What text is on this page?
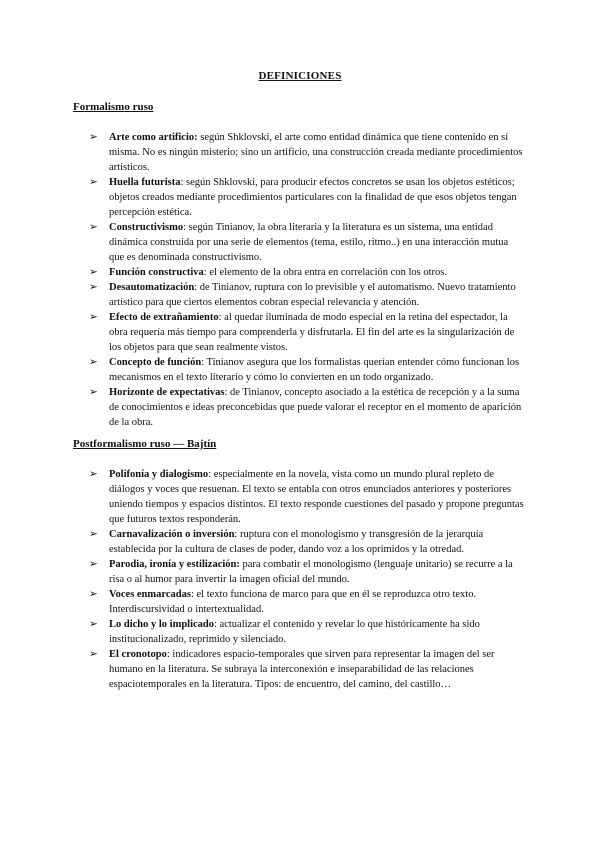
DEFINICIONES
Formalismo ruso
➢ Arte como artificio: según Shklovski, el arte como entidad dinámica que tiene contenido en sí misma. No es ningún misterio; sino un artificio, una construcción creada mediante procedimientos artísticos.
➢ Huella futurista: según Shklovski, para producir efectos concretos se usan los objetos estéticos; objetos creados mediante procedimientos particulares con la finalidad de que esos objetos tengan percepción estética.
➢ Constructivismo: según Tinianov, la obra literaria y la literatura es un sistema, una entidad dinámica construida por una serie de elementos (tema, estilo, ritmo..) en una interacción mutua que es denominada constructivismo.
➢ Función constructiva: el elemento de la obra entra en correlación con los otros.
➢ Desautomatización: de Tinianov, ruptura con lo previsible y el automatismo. Nuevo tratamiento artístico para que ciertos elementos cobran especial relevancia y atención.
➢ Efecto de extrañamiento: al quedar iluminada de modo especial en la retina del espectador, la obra requería más tiempo para comprenderla y disfrutarla. El fin del arte es la singularización de los objetos para que sean realmente vistos.
➢ Concepto de función: Tinianov asegura que los formalistas querían entender cómo funcionan los mecanismos en el texto literario y cómo lo convierten en un todo organizado.
➢ Horizonte de expectativas: de Tinianov, concepto asociado a la estética de recepción y a la suma de conocimientos e ideas preconcebidas que puede valorar el receptor en el momento de aparición de la obra.
Postformalismo ruso — Bajtín
➢ Polifonía y dialogismo: especialmente en la novela, vista como un mundo plural repleto de diálogos y voces que resuenan. El texto se entabla con otros enunciados anteriores y posteriores uniendo tiempos y espacios distintos. El texto responde cuestiones del pasado y propone preguntas que futuros textos responderán.
➢ Carnavalización o inversión: ruptura con el monologismo y transgresión de la jerarquía establecida por la cultura de clases de poder, dando voz a los oprimidos y la otredad.
➢ Parodia, ironía y estilización: para combatir el monologismo (lenguaje unitario) se recurre a la risa o al humor para invertir la imagen oficial del mundo.
➢ Voces enmarcadas: el texto funciona de marco para que en él se reproduzca otro texto. Interdiscursividad o intertextualidad.
➢ Lo dicho y lo implicado: actualizar el contenido y revelar lo que históricamente ha sido institucionalizado, reprimido y silenciado.
➢ El cronotopo: indicadores espacio-temporales que sirven para representar la imagen del ser humano en la literatura. Se subraya la interconexión e inseparabilidad de las relaciones espaciotemporales en la literatura. Tipos: de encuentro, del camino, del castillo…
